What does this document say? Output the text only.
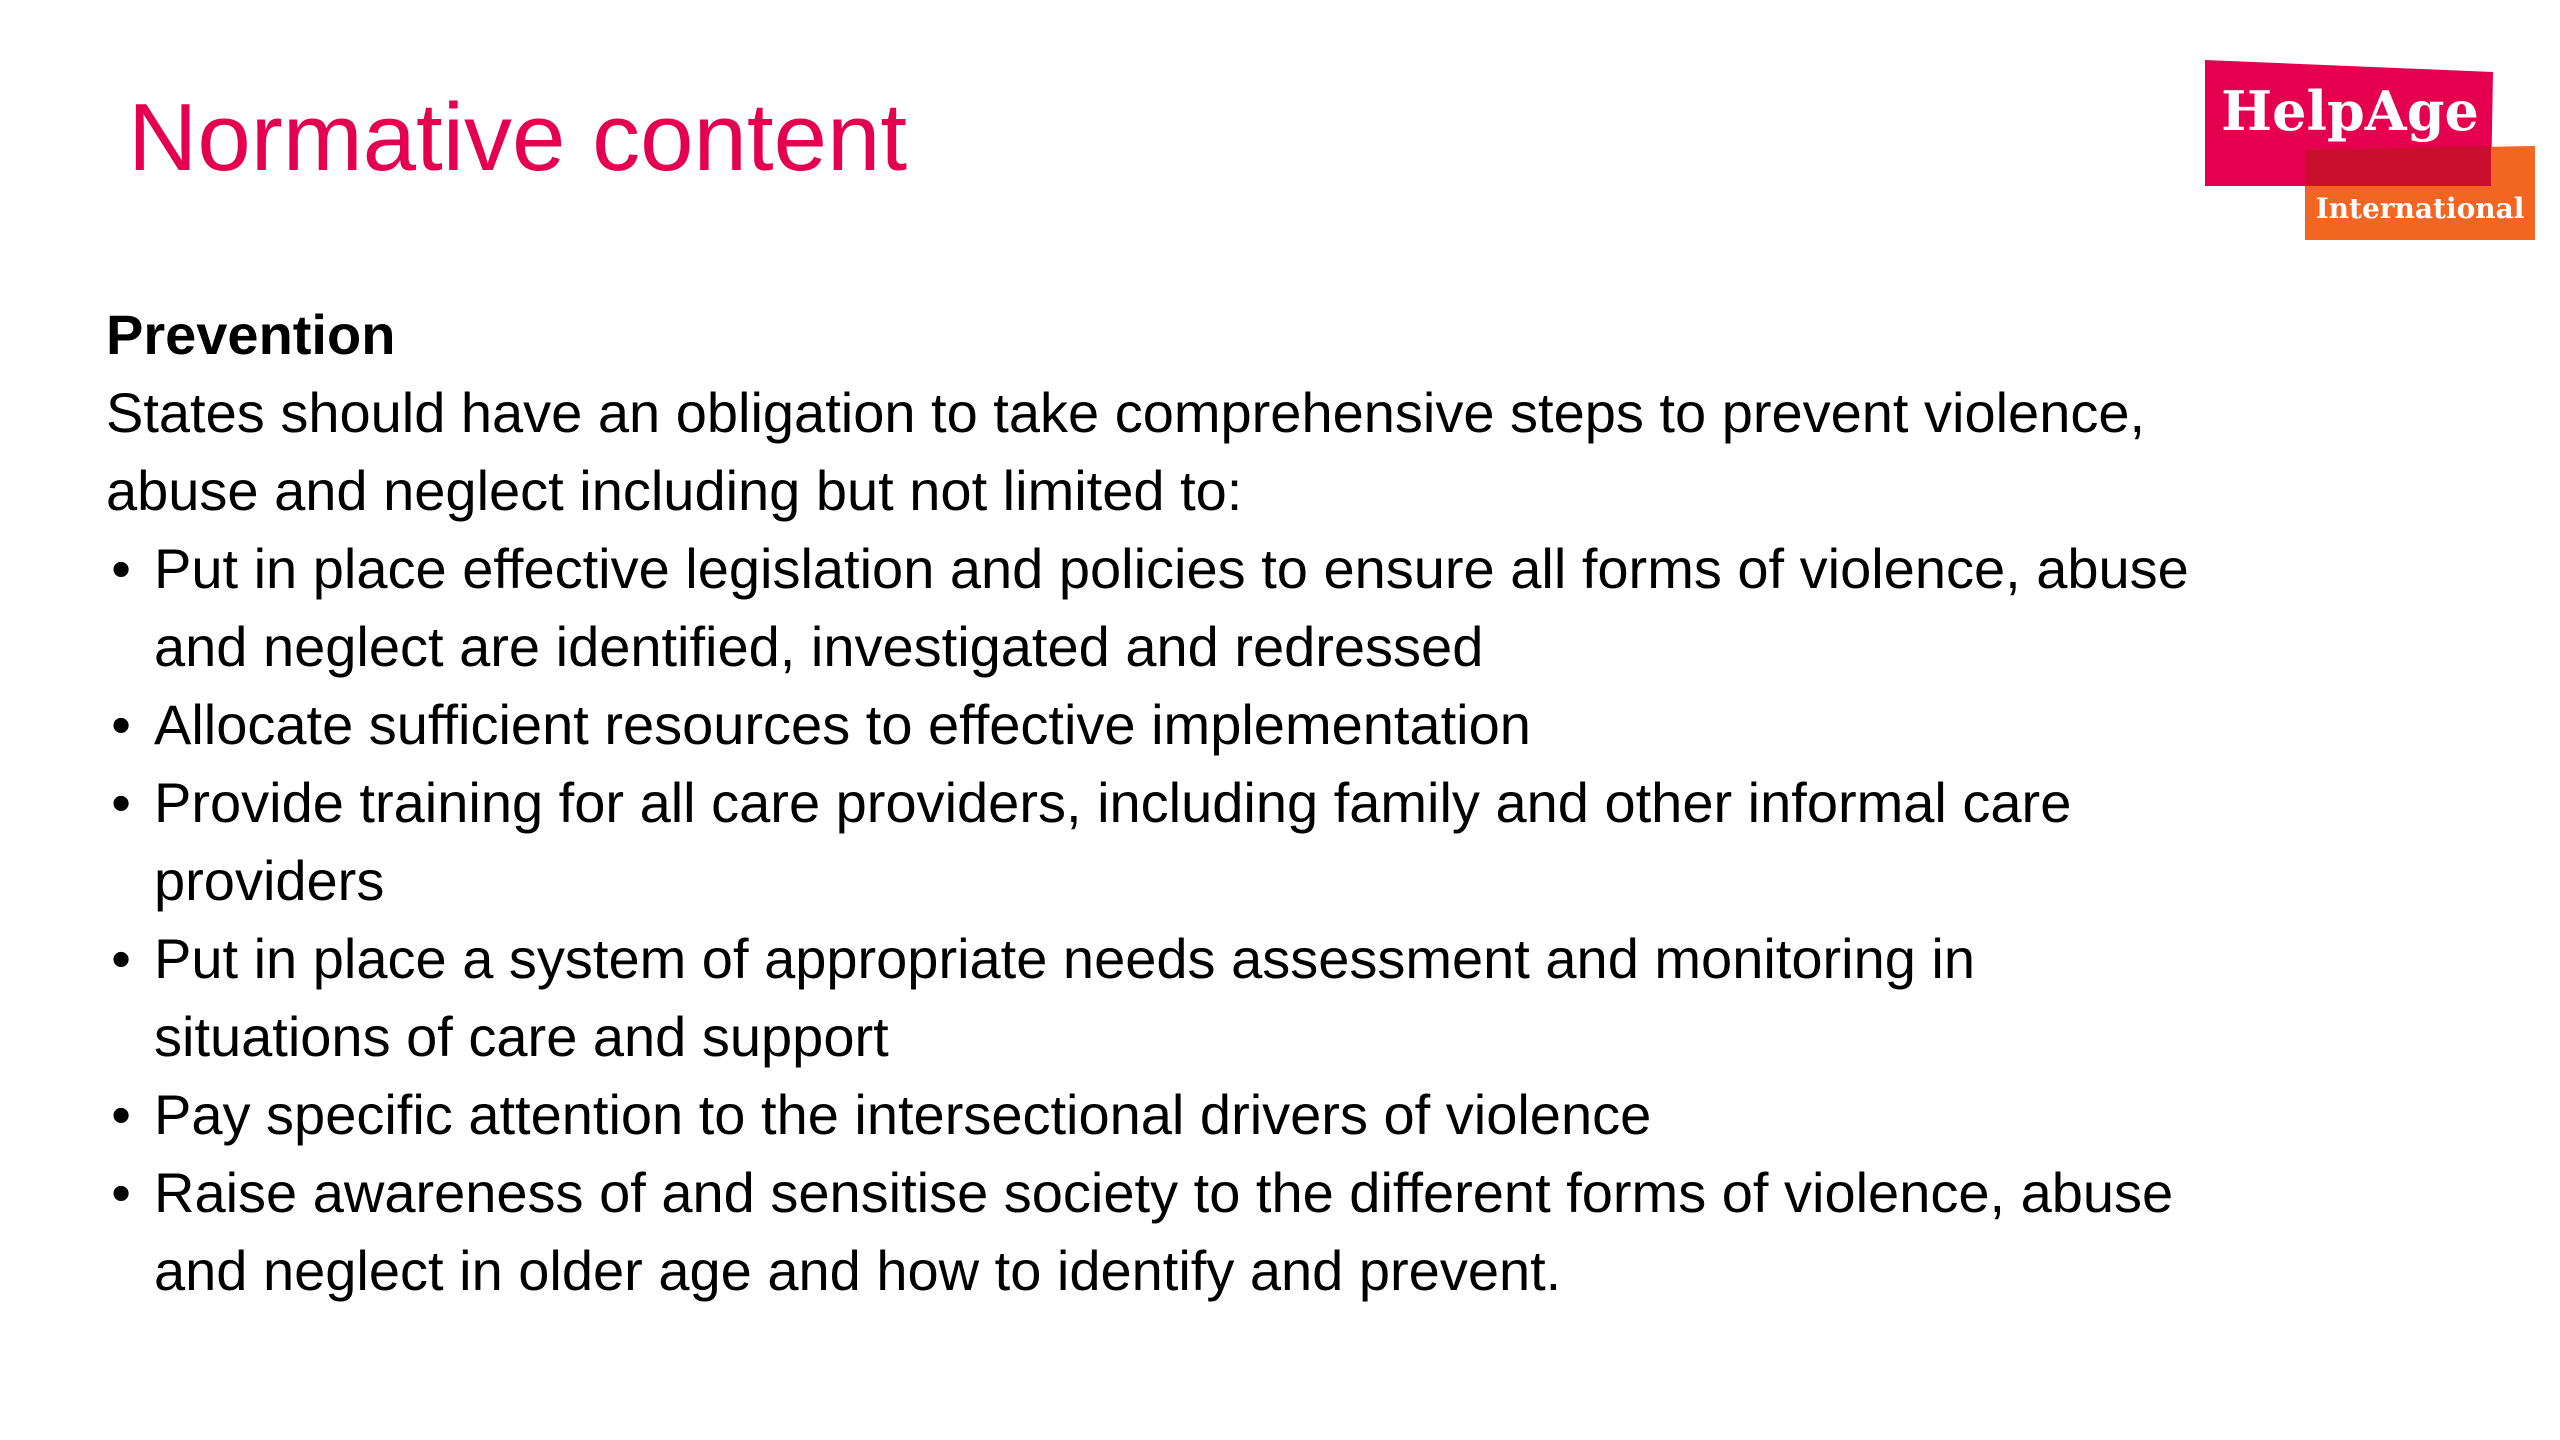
Normative content	HelpAge
International

Prevention

States should have an obligation to take comprehensive steps to prevent violence, abuse and neglect including but not limited to:

• Put in place effective legislation and policies to ensure all forms of violence, abuse and neglect are identified, investigated and redressed
• Allocate sufficient resources to effective implementation
• Provide training for all care providers, including family and other informal care providers
• Put in place a system of appropriate needs assessment and monitoring in situations of care and support
• Pay specific attention to the intersectional drivers of violence
• Raise awareness of and sensitise society to the different forms of violence, abuse and neglect in older age and how to identify and prevent.
